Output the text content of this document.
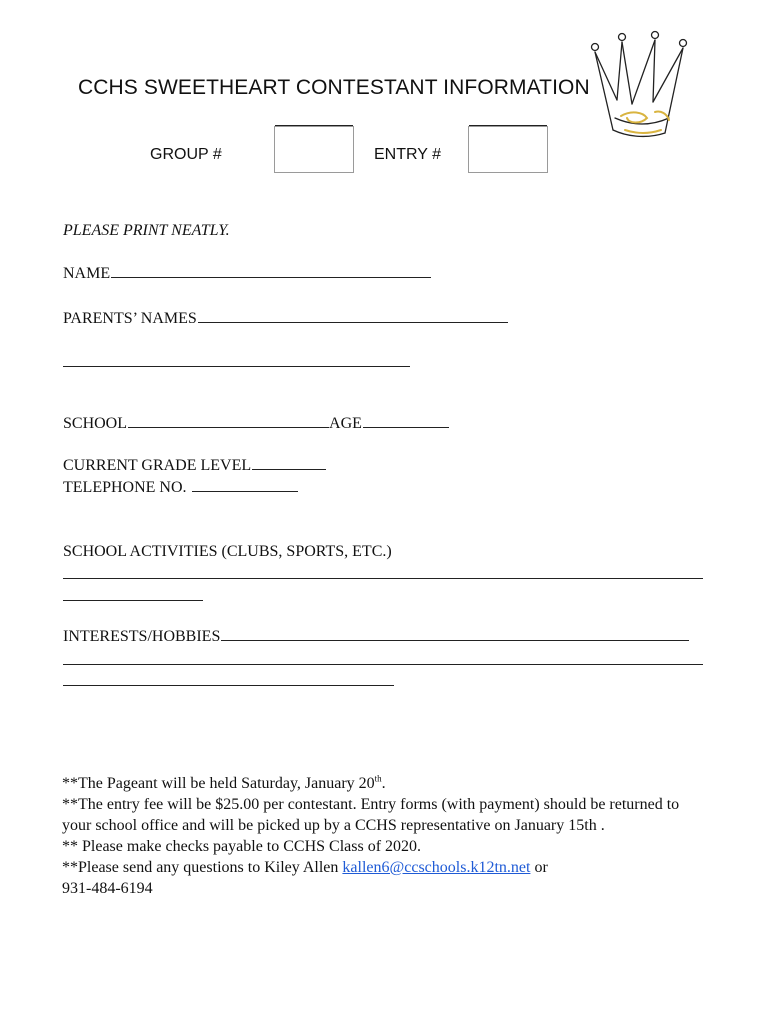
CCHS SWEETHEART CONTESTANT INFORMATION
GROUP #	ENTRY #
PLEASE PRINT NEATLY.
NAME
PARENTS’ NAMES
SCHOOL	AGE
CURRENT GRADE LEVEL
TELEPHONE NO.
SCHOOL ACTIVITIES (CLUBS, SPORTS, ETC.)
INTERESTS/HOBBIES

**The Pageant will be held Saturday, January 20th.

**The entry fee will be $25.00 per contestant. Entry forms (with payment) should be returned to your school office and will be picked up by a CCHS representative on January 15th .

** Please make checks payable to CCHS Class of 2020.

**Please send any questions to Kiley Allen kallen6@ccschools.k12tn.net or

931-484-6194
